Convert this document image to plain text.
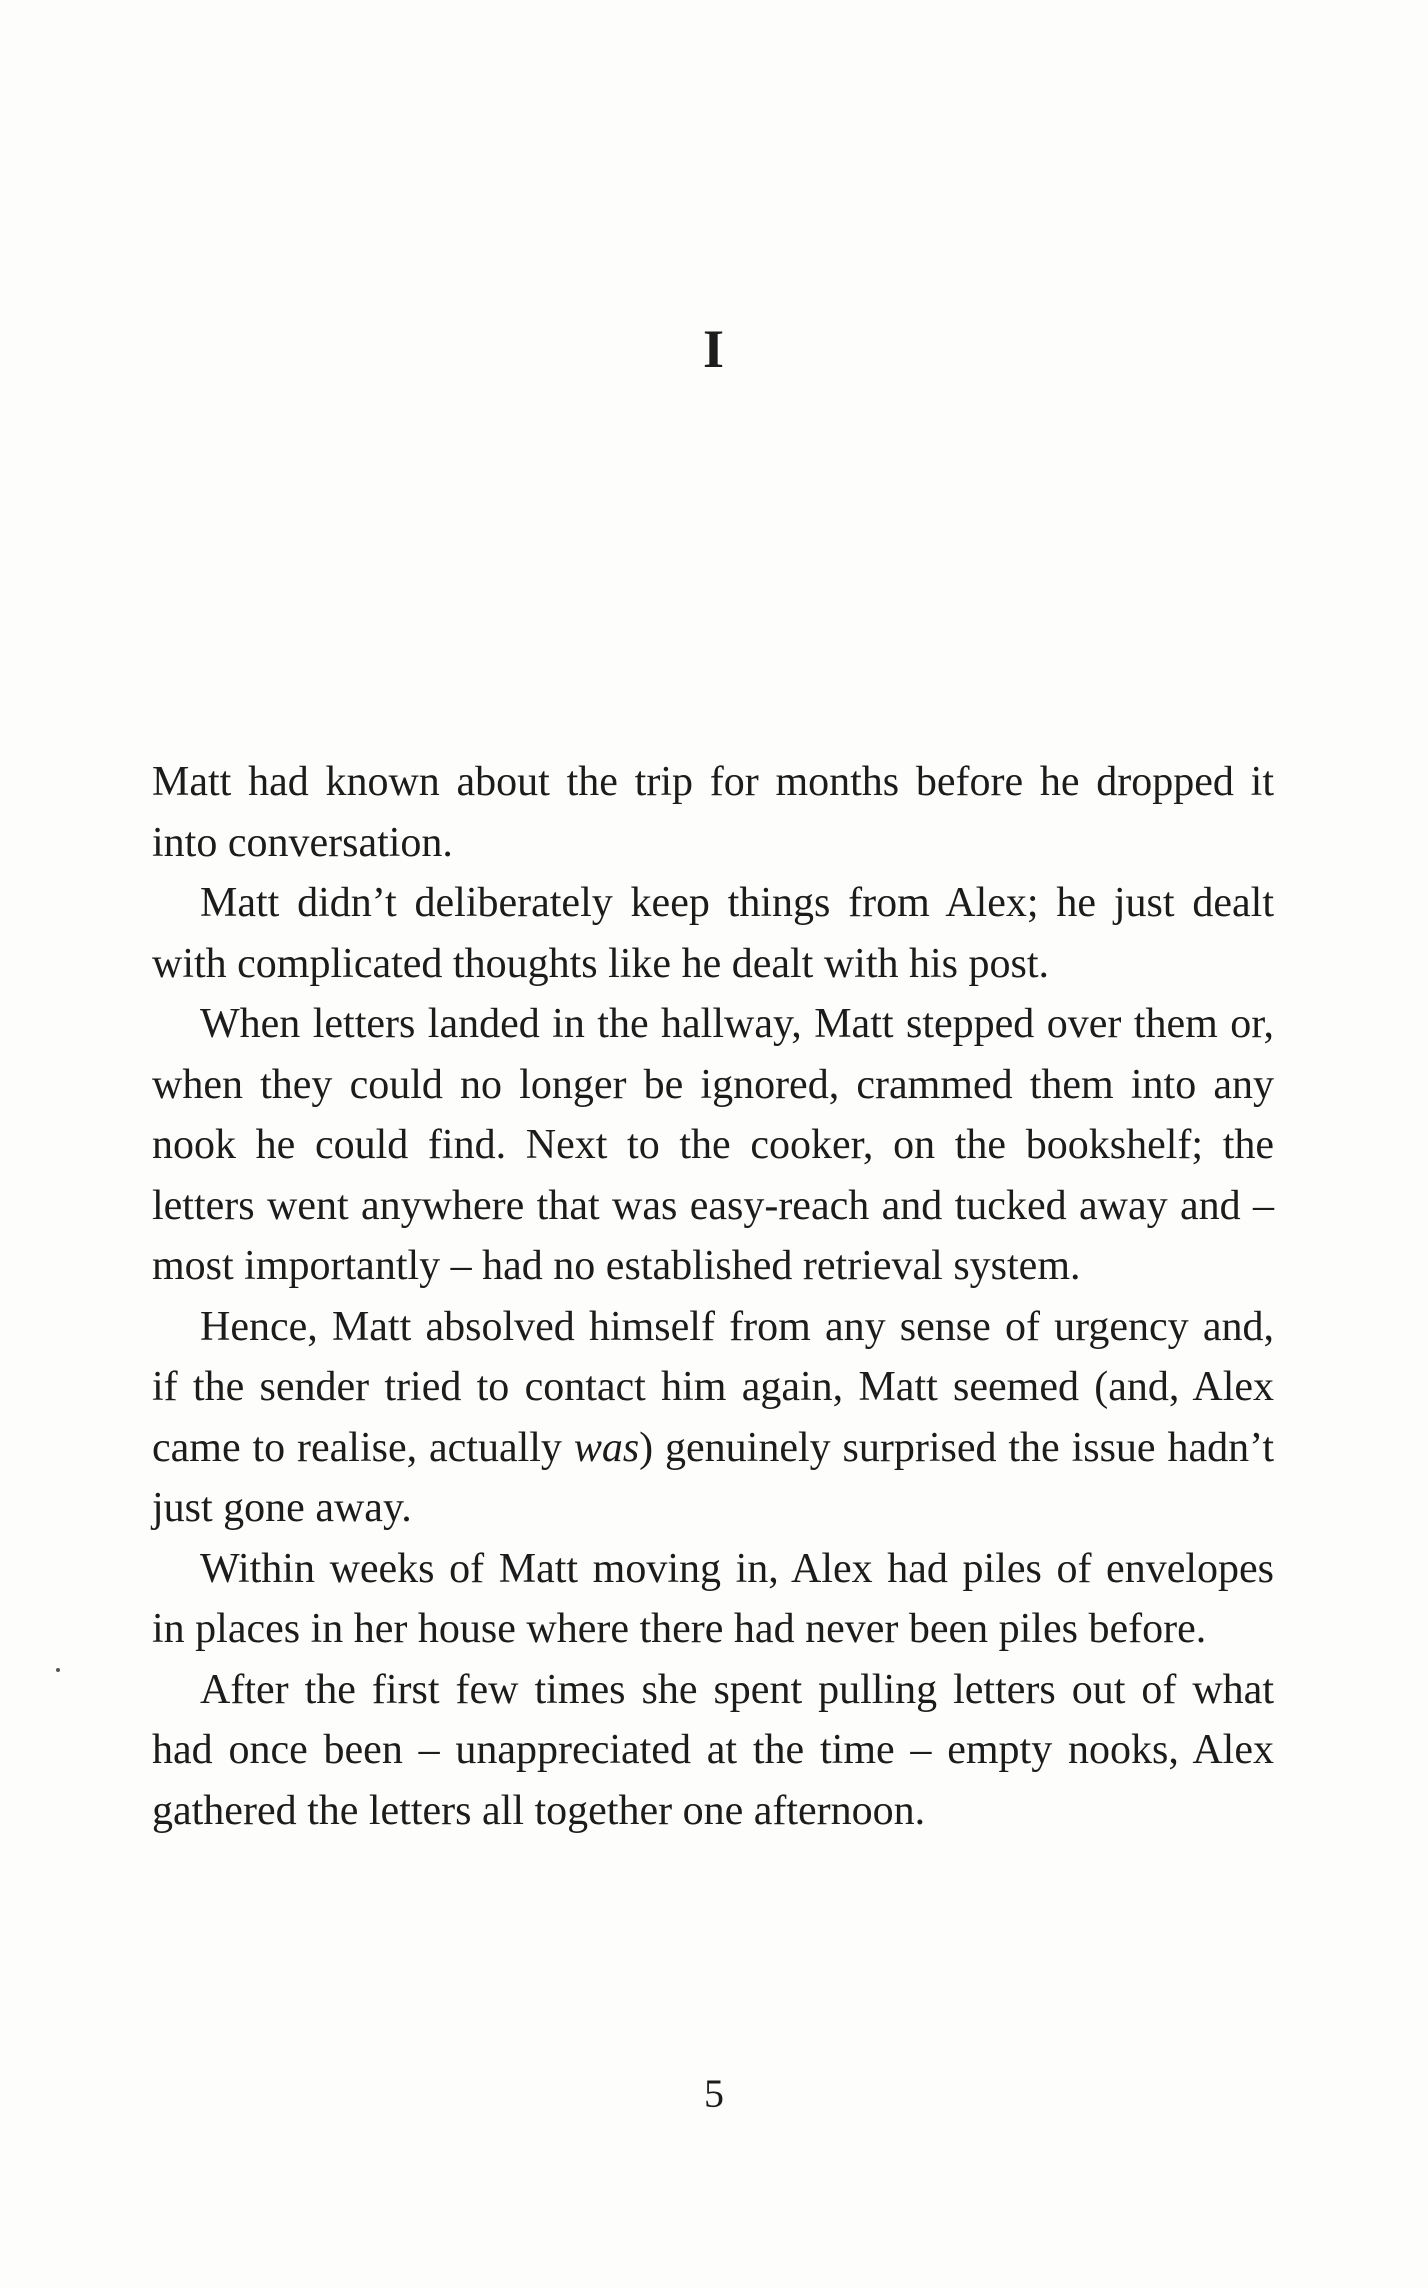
I

Matt had known about the trip for months before he dropped it into conversation.

Matt didn’t deliberately keep things from Alex; he just dealt with complicated thoughts like he dealt with his post.

When letters landed in the hallway, Matt stepped over them or, when they could no longer be ignored, crammed them into any nook he could find. Next to the cooker, on the bookshelf; the letters went anywhere that was easy-reach and tucked away and – most importantly – had no established retrieval system.

Hence, Matt absolved himself from any sense of urgency and, if the sender tried to contact him again, Matt seemed (and, Alex came to realise, actually was) genuinely surprised the issue hadn’t just gone away.

Within weeks of Matt moving in, Alex had piles of envelopes in places in her house where there had never been piles before.

After the first few times she spent pulling letters out of what had once been – unappreciated at the time – empty nooks, Alex gathered the letters all together one afternoon.

5
